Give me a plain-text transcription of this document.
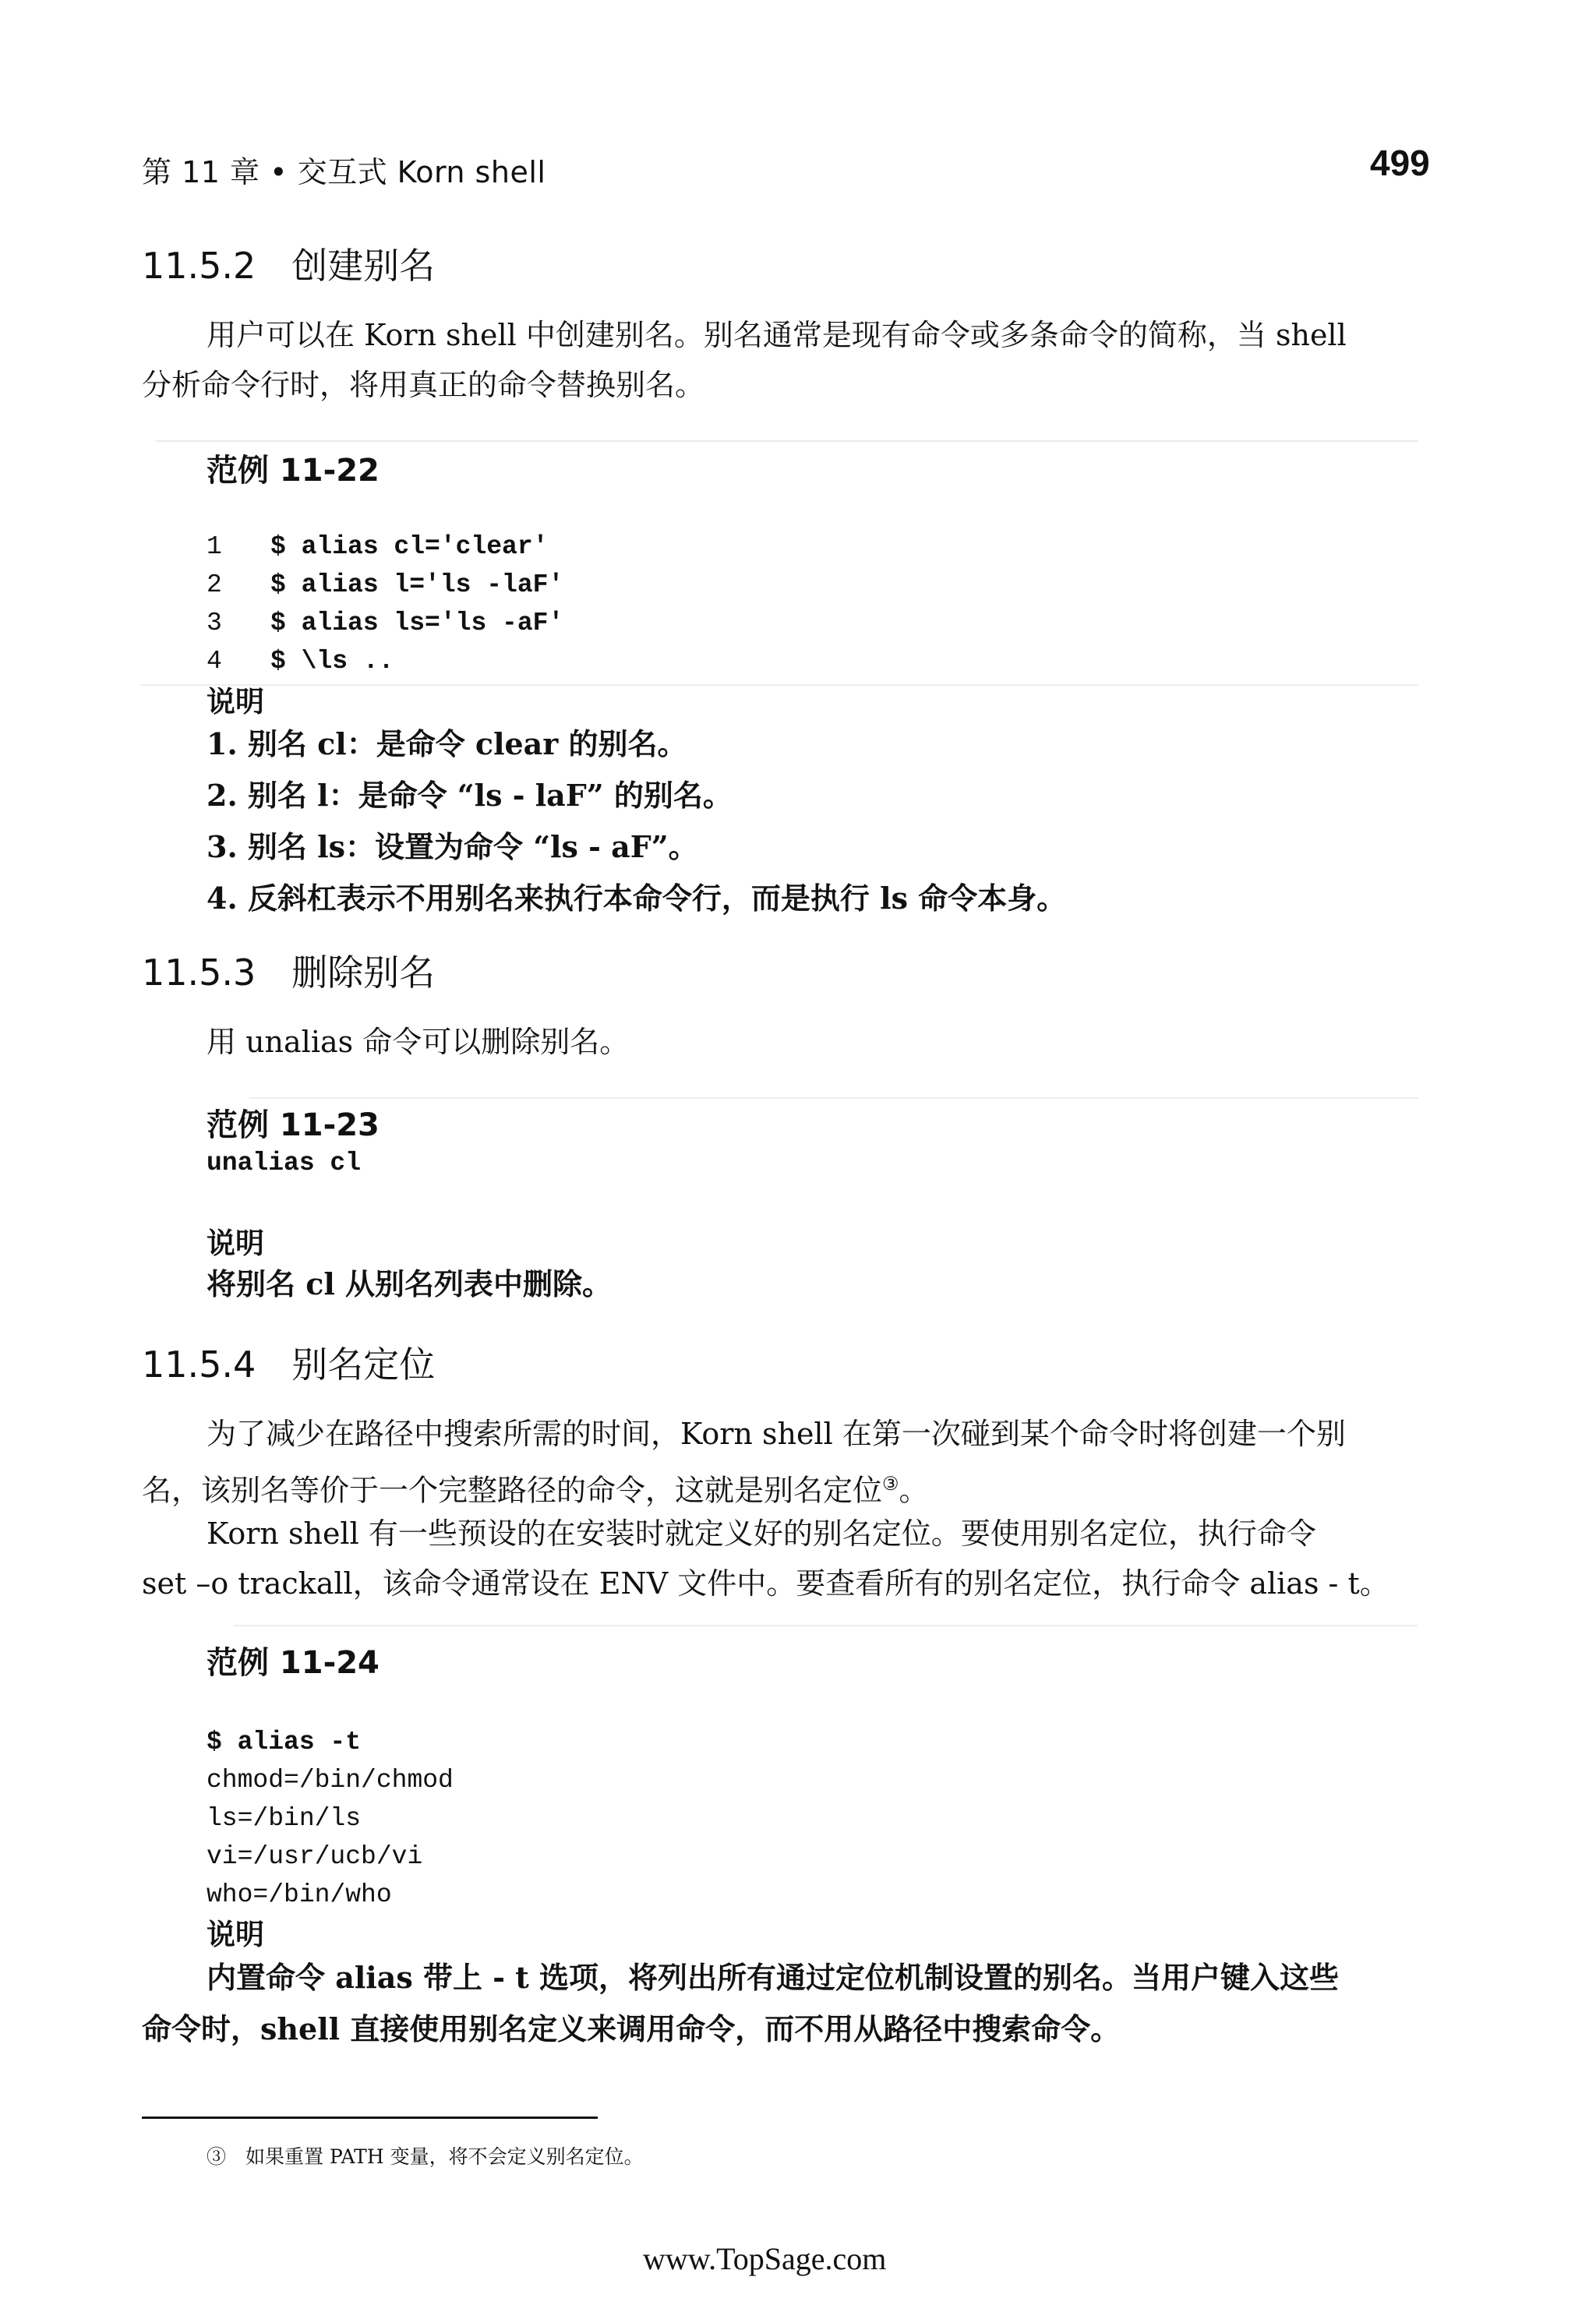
第 11 章 • 交互式 Korn shell	499
11.5.2　创建别名
用户可以在 Korn shell 中创建别名。别名通常是现有命令或多条命令的简称，当 shell
分析命令行时，将用真正的命令替换别名。
范例 11-22

1 $ alias cl='clear'
2 $ alias l='ls -laF'
3 $ alias ls='ls -aF'
4 $ \ls ..

说明
1. 别名 cl：是命令 clear 的别名。
2. 别名 l：是命令 “ls - laF” 的别名。
3. 别名 ls：设置为命令 “ls - aF”。
4. 反斜杠表示不用别名来执行本命令行，而是执行 ls 命令本身。
11.5.3　删除别名
用 unalias 命令可以删除别名。
范例 11-23
unalias cl
说明
将别名 cl 从别名列表中删除。
11.5.4　别名定位
为了减少在路径中搜索所需的时间，Korn shell 在第一次碰到某个命令时将创建一个别
名，该别名等价于一个完整路径的命令，这就是别名定位③。
Korn shell 有一些预设的在安装时就定义好的别名定位。要使用别名定位，执行命令
set –o trackall，该命令通常设在 ENV 文件中。要查看所有的别名定位，执行命令 alias - t。
范例 11-24

$ alias -t
chmod=/bin/chmod
ls=/bin/ls
vi=/usr/ucb/vi
who=/bin/who

说明
内置命令 alias 带上 - t 选项，将列出所有通过定位机制设置的别名。当用户键入这些
命令时，shell 直接使用别名定义来调用命令，而不用从路径中搜索命令。
③　如果重置 PATH 变量，将不会定义别名定位。
www.TopSage.com
